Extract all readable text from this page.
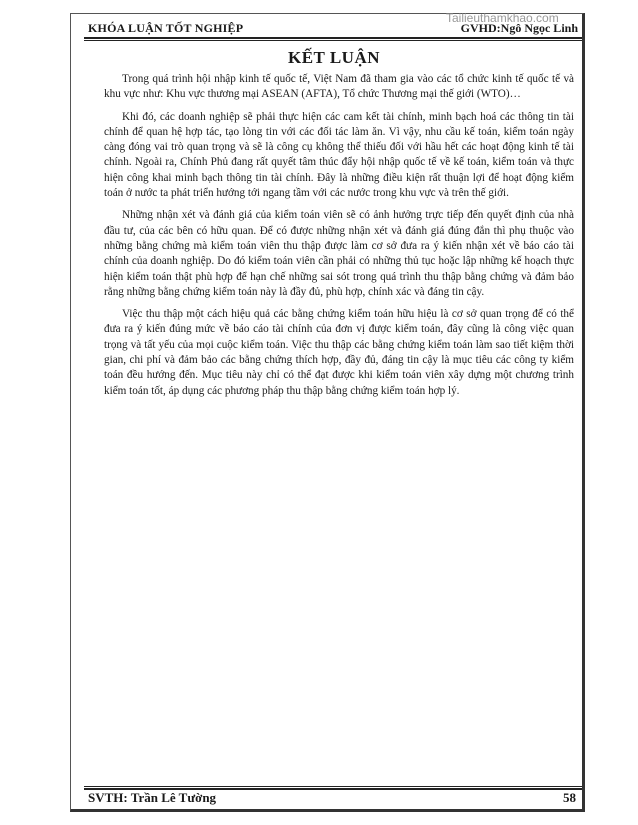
KHÓA LUẬN TỐT NGHIỆP	GVHD:Ngô Ngọc Linh
Tailieuthamkhao.com
KẾT LUẬN

Trong quá trình hội nhập kinh tế quốc tế, Việt Nam đã tham gia vào các tổ chức kinh tế quốc tế và khu vực như: Khu vực thương mại ASEAN (AFTA), Tổ chức Thương mại thế giới (WTO)…

Khi đó, các doanh nghiệp sẽ phải thực hiện các cam kết tài chính, minh bạch hoá các thông tin tài chính để quan hệ hợp tác, tạo lòng tin với các đối tác làm ăn. Vì vậy, nhu cầu kế toán, kiểm toán ngày càng đóng vai trò quan trọng và sẽ là công cụ không thể thiếu đối với hầu hết các hoạt động kinh tế tài chính. Ngoài ra, Chính Phủ đang rất quyết tâm thúc đẩy hội nhập quốc tế về kế toán, kiểm toán và thực hiện công khai minh bạch thông tin tài chính. Đây là những điều kiện rất thuận lợi để hoạt động kiểm toán ở nước ta phát triển hướng tới ngang tầm với các nước trong khu vực và trên thế giới.

Những nhận xét và đánh giá của kiểm toán viên sẽ có ảnh hưởng trực tiếp đến quyết định của nhà đầu tư, của các bên có hữu quan. Để có được những nhận xét và đánh giá đúng đắn thì phụ thuộc vào những bằng chứng mà kiểm toán viên thu thập được làm cơ sở đưa ra ý kiến nhận xét về báo cáo tài chính của doanh nghiệp. Do đó kiểm toán viên cần phải có những thủ tục hoặc lập những kế hoạch thực hiện kiểm toán thật phù hợp để hạn chế những sai sót trong quá trình thu thập bằng chứng và đảm bảo rằng những bằng chứng kiểm toán này là đầy đủ, phù hợp, chính xác và đáng tin cậy.

Việc thu thập một cách hiệu quả các bằng chứng kiểm toán hữu hiệu là cơ sở quan trọng để có thể đưa ra ý kiến đúng mức về báo cáo tài chính của đơn vị được kiểm toán, đây cũng là công việc quan trọng và tất yếu của mọi cuộc kiểm toán. Việc thu thập các bằng chứng kiểm toán làm sao tiết kiệm thời gian, chi phí và đảm bảo các bằng chứng thích hợp, đầy đủ, đáng tin cậy là mục tiêu các công ty kiểm toán đều hướng đến. Mục tiêu này chỉ có thể đạt được khi kiểm toán viên xây dựng một chương trình kiểm toán tốt, áp dụng các phương pháp thu thập bằng chứng kiểm toán hợp lý.

SVTH: Trần Lê Tường	58
